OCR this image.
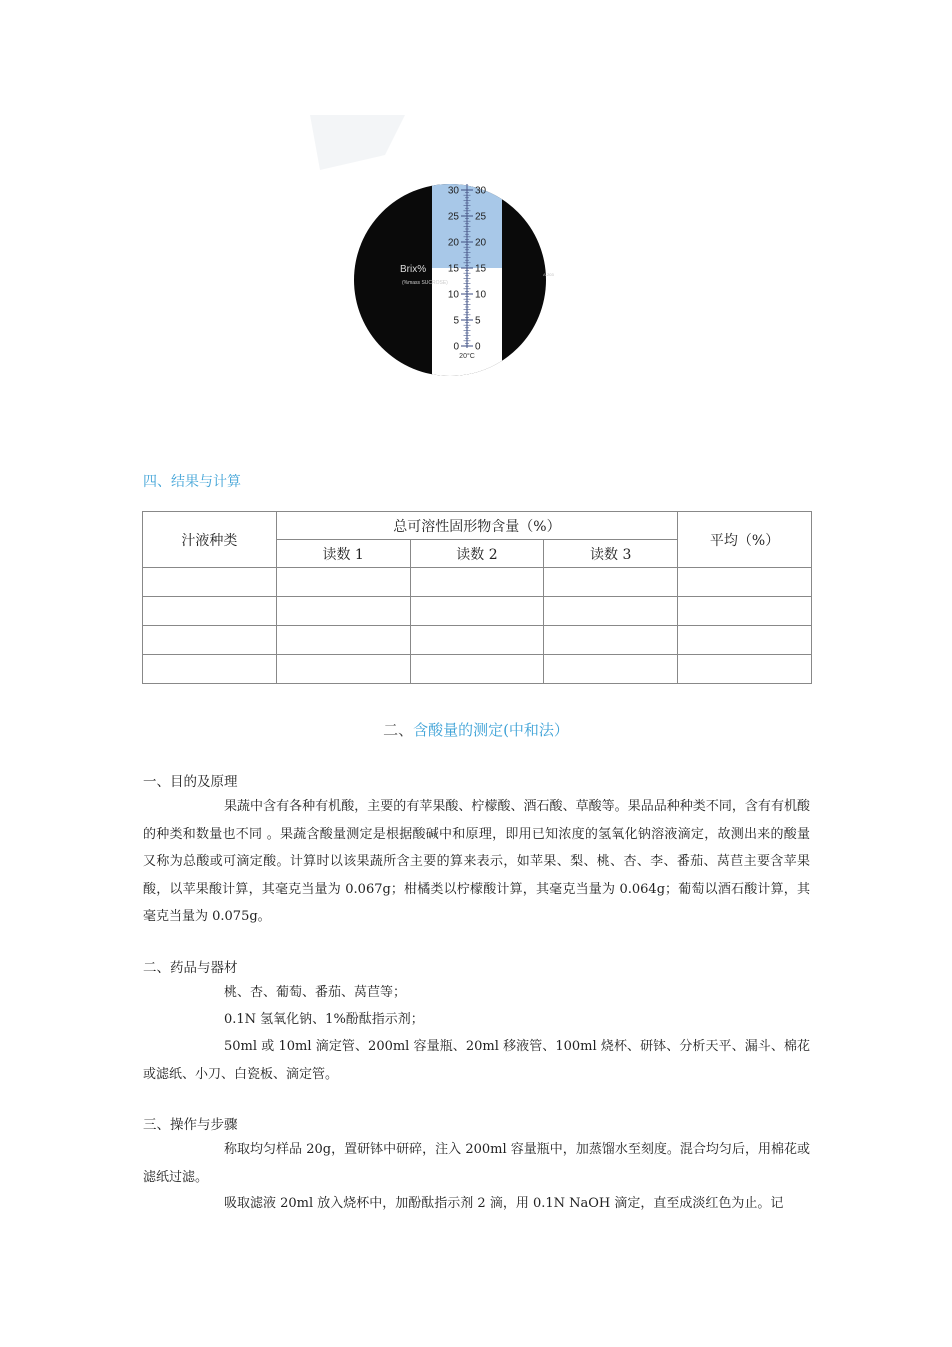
30 30
25 25
20 20
15 15
10 10
5 5
0 0
Brix%
(%mass SUCROSE)
A-203
20°C
四、结果与计算
汁液种类	总可溶性固形物含量（%）			平均（%）
	读数 1	读数 2	读数 3	

二、含酸量的测定(中和法）
一、目的及原理
果蔬中含有各种有机酸，主要的有苹果酸、柠檬酸、酒石酸、草酸等。果品品种种类不同，含有有机酸的种类和数量也不同 。果蔬含酸量测定是根据酸碱中和原理，即用已知浓度的氢氧化钠溶液滴定，故测出来的酸量又称为总酸或可滴定酸。计算时以该果蔬所含主要的算来表示，如苹果、梨、桃、杏、李、番茄、莴苣主要含苹果酸，以苹果酸计算，其毫克当量为 0.067g；柑橘类以柠檬酸计算，其毫克当量为 0.064g；葡萄以酒石酸计算，其毫克当量为 0.075g。
二、药品与器材
桃、杏、葡萄、番茄、莴苣等；
0.1N 氢氧化钠、1%酚酞指示剂；
50ml 或 10ml 滴定管、200ml 容量瓶、20ml 移液管、100ml 烧杯、研钵、分析天平、漏斗、棉花或滤纸、小刀、白瓷板、滴定管。
三、操作与步骤
称取均匀样品 20g，置研钵中研碎，注入 200ml 容量瓶中，加蒸馏水至刻度。混合均匀后，用棉花或滤纸过滤。
吸取滤液 20ml 放入烧杯中，加酚酞指示剂 2 滴，用 0.1N NaOH 滴定，直至成淡红色为止。记
